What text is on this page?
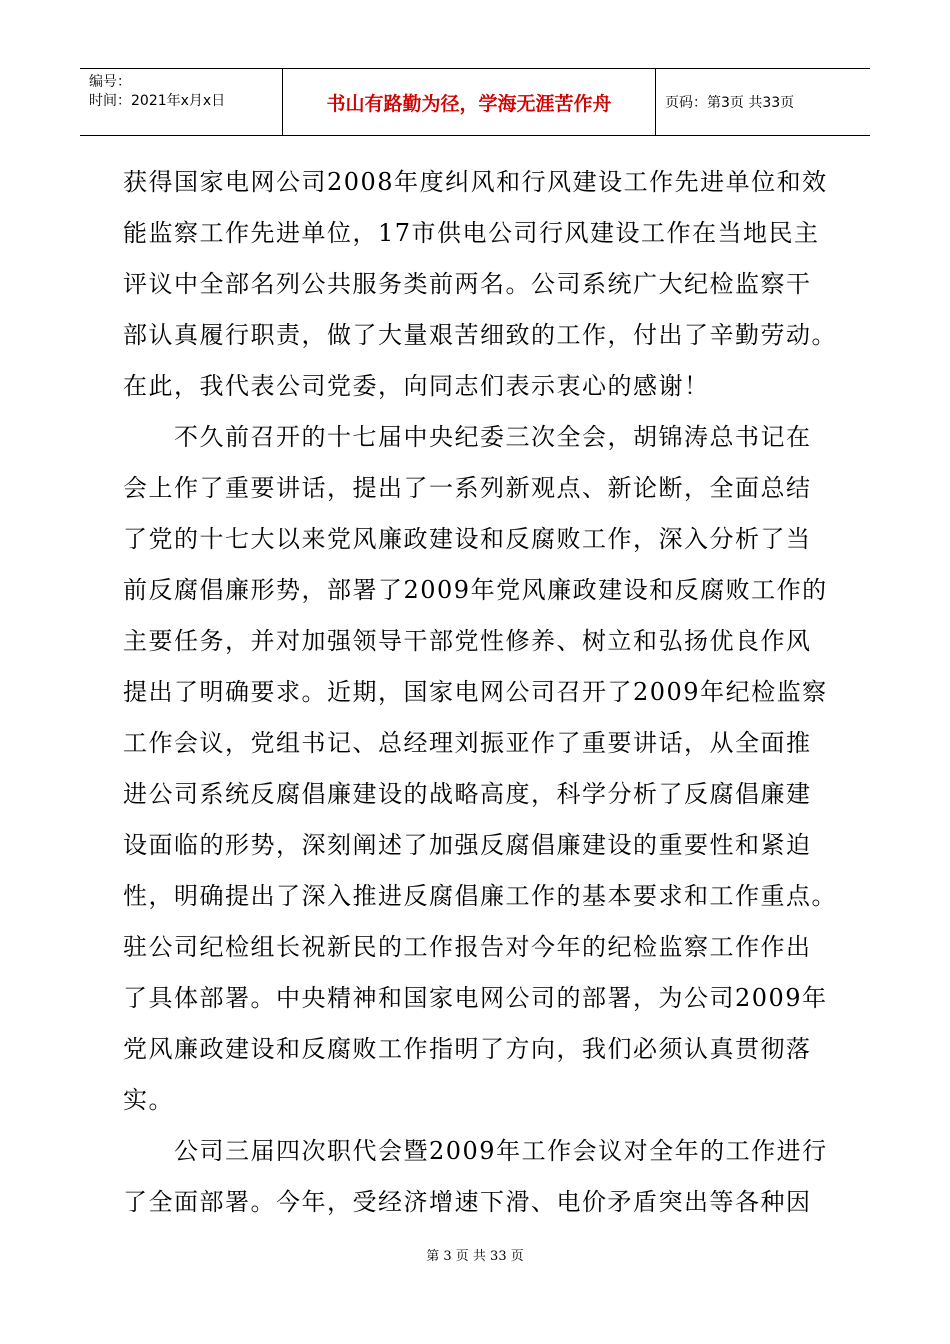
编号：
时间：2021年x月x日	书山有路勤为径，学海无涯苦作舟	页码：第3页 共33页
获得国家电网公司2008年度纠风和行风建设工作先进单位和效
能监察工作先进单位，17市供电公司行风建设工作在当地民主
评议中全部名列公共服务类前两名。公司系统广大纪检监察干
部认真履行职责，做了大量艰苦细致的工作，付出了辛勤劳动。
在此，我代表公司党委，向同志们表示衷心的感谢！
　　不久前召开的十七届中央纪委三次全会，胡锦涛总书记在
会上作了重要讲话，提出了一系列新观点、新论断，全面总结
了党的十七大以来党风廉政建设和反腐败工作，深入分析了当
前反腐倡廉形势，部署了2009年党风廉政建设和反腐败工作的
主要任务，并对加强领导干部党性修养、树立和弘扬优良作风
提出了明确要求。近期，国家电网公司召开了2009年纪检监察
工作会议，党组书记、总经理刘振亚作了重要讲话，从全面推
进公司系统反腐倡廉建设的战略高度，科学分析了反腐倡廉建
设面临的形势，深刻阐述了加强反腐倡廉建设的重要性和紧迫
性，明确提出了深入推进反腐倡廉工作的基本要求和工作重点。
驻公司纪检组长祝新民的工作报告对今年的纪检监察工作作出
了具体部署。中央精神和国家电网公司的部署，为公司2009年
党风廉政建设和反腐败工作指明了方向，我们必须认真贯彻落
实。
　　公司三届四次职代会暨2009年工作会议对全年的工作进行
了全面部署。今年，受经济增速下滑、电价矛盾突出等各种因
第 3 页 共 33 页
